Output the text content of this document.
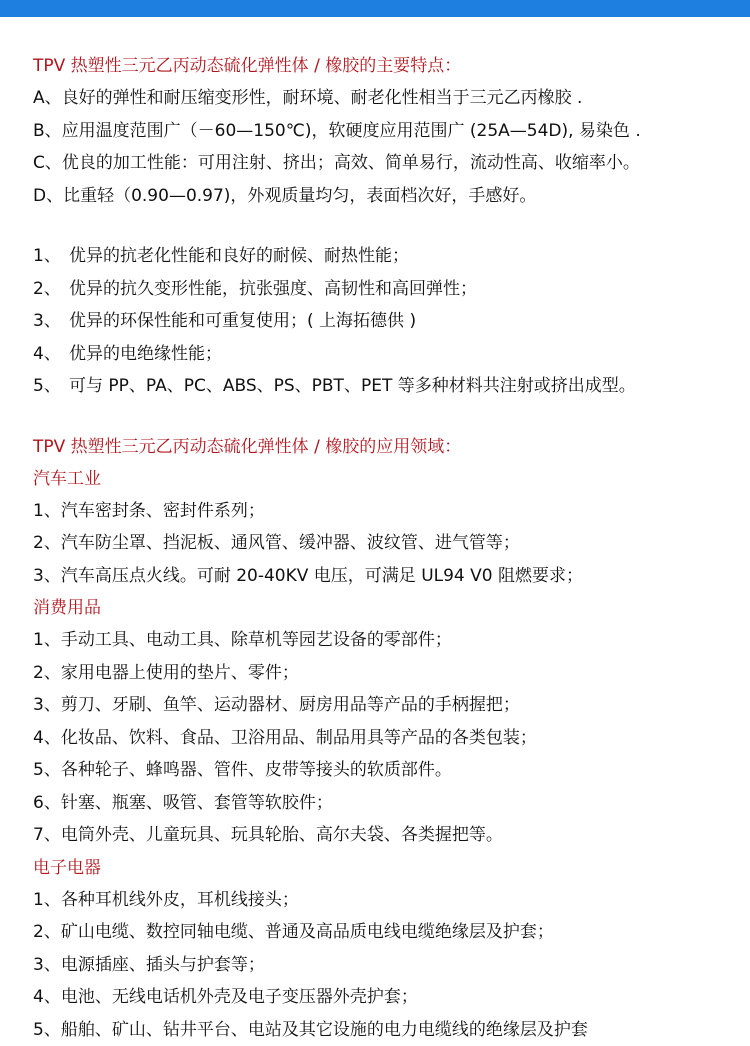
TPV 热塑性三元乙丙动态硫化弹性体 / 橡胶的主要特点：
A、良好的弹性和耐压缩变形性，耐环境、耐老化性相当于三元乙丙橡胶 .
B、应用温度范围广（－60—150℃)，软硬度应用范围广 (25A—54D), 易染色 .
C、优良的加工性能：可用注射、挤出；高效、简单易行，流动性高、收缩率小。
D、比重轻（0.90—0.97)，外观质量均匀，表面档次好，手感好。
1、 优异的抗老化性能和良好的耐候、耐热性能；
2、 优异的抗久变形性能，抗张强度、高韧性和高回弹性；
3、 优异的环保性能和可重复使用；( 上海拓德供 )
4、 优异的电绝缘性能；
5、 可与 PP、PA、PC、ABS、PS、PBT、PET 等多种材料共注射或挤出成型。
TPV 热塑性三元乙丙动态硫化弹性体 / 橡胶的应用领域：
汽车工业
1、汽车密封条、密封件系列；
2、汽车防尘罩、挡泥板、通风管、缓冲器、波纹管、进气管等；
3、汽车高压点火线。可耐 20-40KV 电压，可满足 UL94 V0 阻燃要求；
消费用品
1、手动工具、电动工具、除草机等园艺设备的零部件；
2、家用电器上使用的垫片、零件；
3、剪刀、牙刷、鱼竿、运动器材、厨房用品等产品的手柄握把；
4、化妆品、饮料、食品、卫浴用品、制品用具等产品的各类包装；
5、各种轮子、蜂鸣器、管件、皮带等接头的软质部件。
6、针塞、瓶塞、吸管、套管等软胶件；
7、电筒外壳、儿童玩具、玩具轮胎、高尔夫袋、各类握把等。
电子电器
1、各种耳机线外皮，耳机线接头；
2、矿山电缆、数控同轴电缆、普通及高品质电线电缆绝缘层及护套；
3、电源插座、插头与护套等；
4、电池、无线电话机外壳及电子变压器外壳护套；
5、船舶、矿山、钻井平台、电站及其它设施的电力电缆线的绝缘层及护套
